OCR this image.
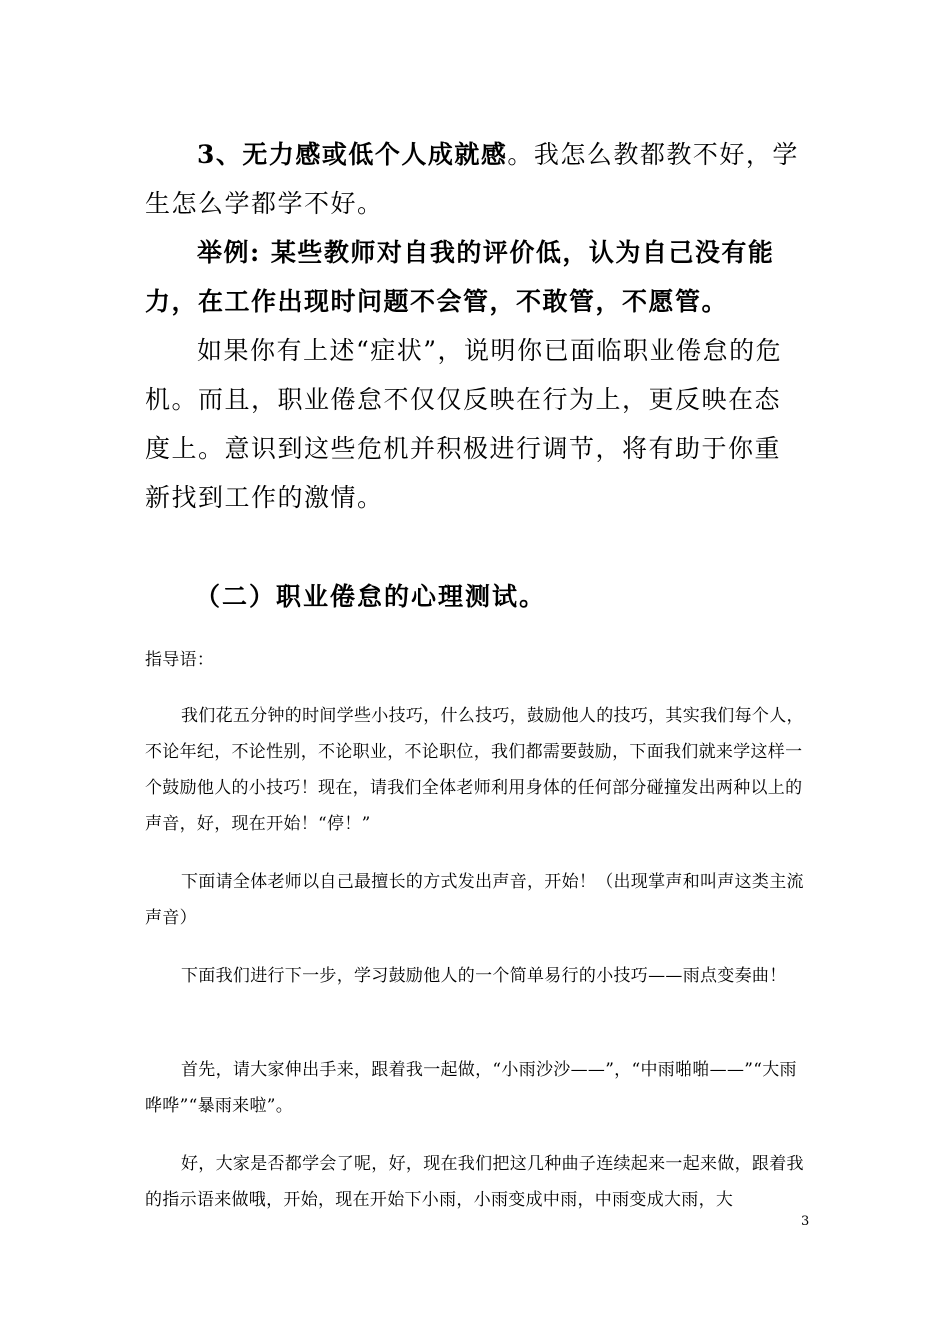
3、无力感或低个人成就感。我怎么教都教不好，学生怎么学都学不好。

举例: 某些教师对自我的评价低，认为自己没有能力，在工作出现时问题不会管，不敢管，不愿管。

如果你有上述“症状”，说明你已面临职业倦怠的危机。而且，职业倦怠不仅仅反映在行为上，更反映在态度上。意识到这些危机并积极进行调节，将有助于你重新找到工作的激情。

（二）职业倦怠的心理测试。

指导语：

我们花五分钟的时间学些小技巧，什么技巧，鼓励他人的技巧，其实我们每个人，不论年纪，不论性别，不论职业，不论职位，我们都需要鼓励，下面我们就来学这样一个鼓励他人的小技巧！现在，请我们全体老师利用身体的任何部分碰撞发出两种以上的声音，好，现在开始！“停！”

下面请全体老师以自己最擅长的方式发出声音，开始！（出现掌声和叫声这类主流声音）

下面我们进行下一步，学习鼓励他人的一个简单易行的小技巧——雨点变奏曲！

首先，请大家伸出手来，跟着我一起做，“小雨沙沙——”，“中雨啪啪——”“大雨哗哗”“暴雨来啦”。

好，大家是否都学会了呢，好，现在我们把这几种曲子连续起来一起来做，跟着我的指示语来做哦，开始，现在开始下小雨，小雨变成中雨，中雨变成大雨，大

3
